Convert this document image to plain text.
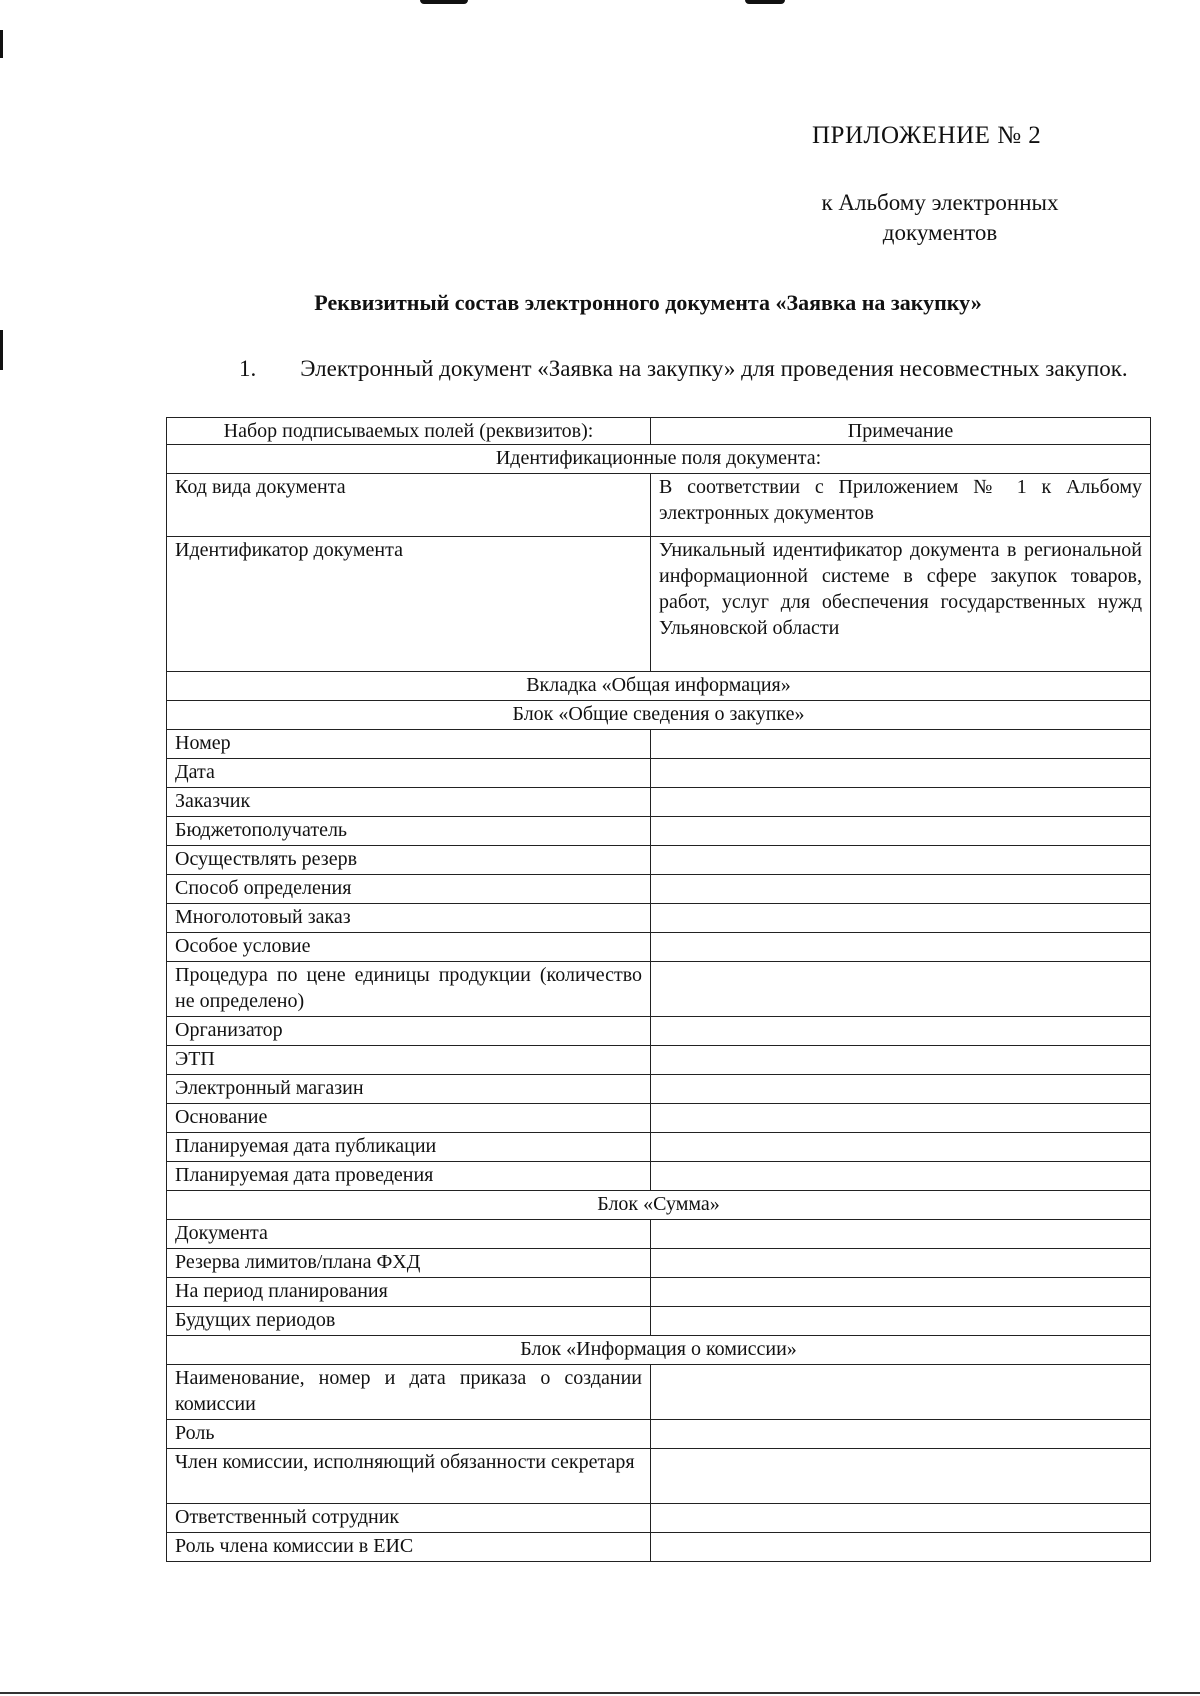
ПРИЛОЖЕНИЕ № 2
к Альбому электронных
документов
Реквизитный состав электронного документа «Заявка на закупку»
1. Электронный документ «Заявка на закупку» для проведения несовместных закупок.
Набор подписываемых полей (реквизитов):	Примечание
Идентификационные поля документа:	
Код вида документа	В соответствии с Приложением № 1 к Альбому электронных документов
Идентификатор документа	Уникальный идентификатор документа в региональной информационной системе в сфере закупок товаров, работ, услуг для обеспечения государственных нужд Ульяновской области
Вкладка «Общая информация»	
Блок «Общие сведения о закупке»	
Номер	
Дата	
Заказчик	
Бюджетополучатель	
Осуществлять резерв	
Способ определения	
Многолотовый заказ	
Особое условие	
Процедура по цене единицы продукции (количество не определено)	
Организатор	
ЭТП	
Электронный магазин	
Основание	
Планируемая дата публикации	
Планируемая дата проведения	
Блок «Сумма»	
Документа	
Резерва лимитов/плана ФХД	
На период планирования	
Будущих периодов	
Блок «Информация о комиссии»	
Наименование, номер и дата приказа о создании комиссии	
Роль	
Член комиссии, исполняющий обязанности секретаря	
Ответственный сотрудник	
Роль члена комиссии в ЕИС	
